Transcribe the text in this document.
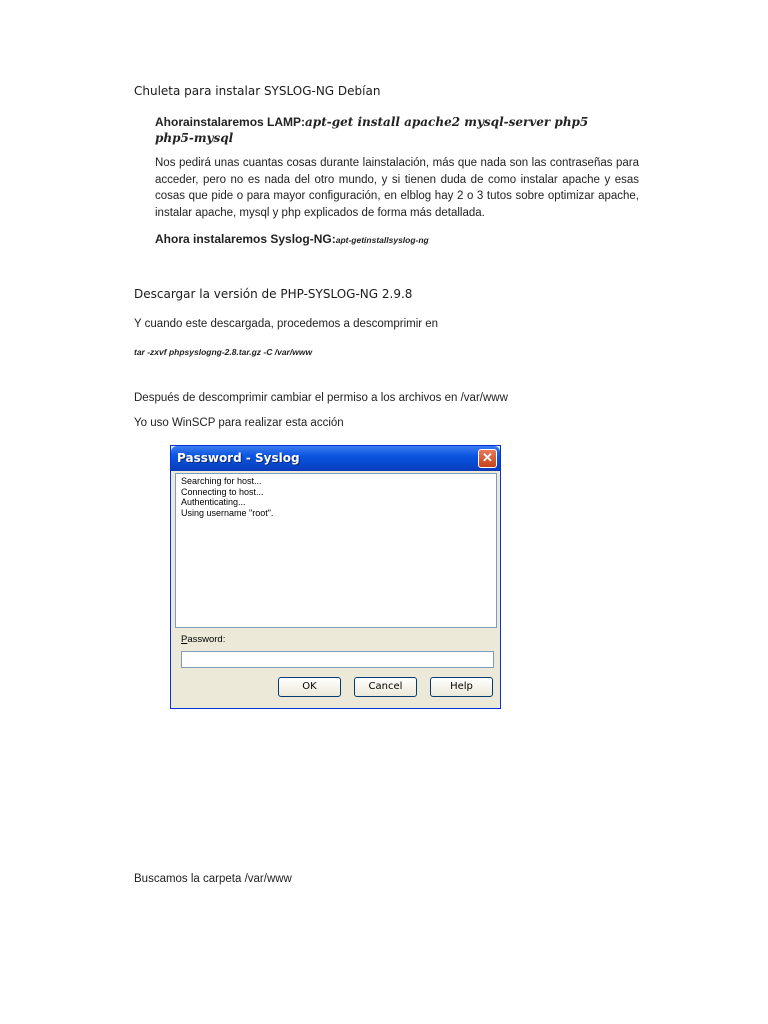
Chuleta para instalar SYSLOG-NG Debían
Ahorainstalaremos LAMP:apt-get install apache2 mysql-server php5 php5-mysql
Nos pedirá unas cuantas cosas durante lainstalación, más que nada son las contraseñas para acceder, pero no es nada del otro mundo, y si tienen duda de como instalar apache y esas cosas que pide o para mayor configuración, en elblog hay 2 o 3 tutos sobre optimizar apache, instalar apache, mysql y php explicados de forma más detallada.
Ahora instalaremos Syslog-NG:apt-getinstallsyslog-ng
Descargar la versión de PHP-SYSLOG-NG 2.9.8
Y cuando este descargada, procedemos a descomprimir en
tar -zxvf phpsyslogng-2.8.tar.gz -C /var/www
Después de descomprimir cambiar el permiso a los archivos en /var/www
Yo uso WinSCP para realizar esta acción
Password - Syslog	✕
Searching for host...
Connecting to host...
Authenticating...
Using username "root".
Password:
OK	Cancel	Help
Buscamos la carpeta /var/www
